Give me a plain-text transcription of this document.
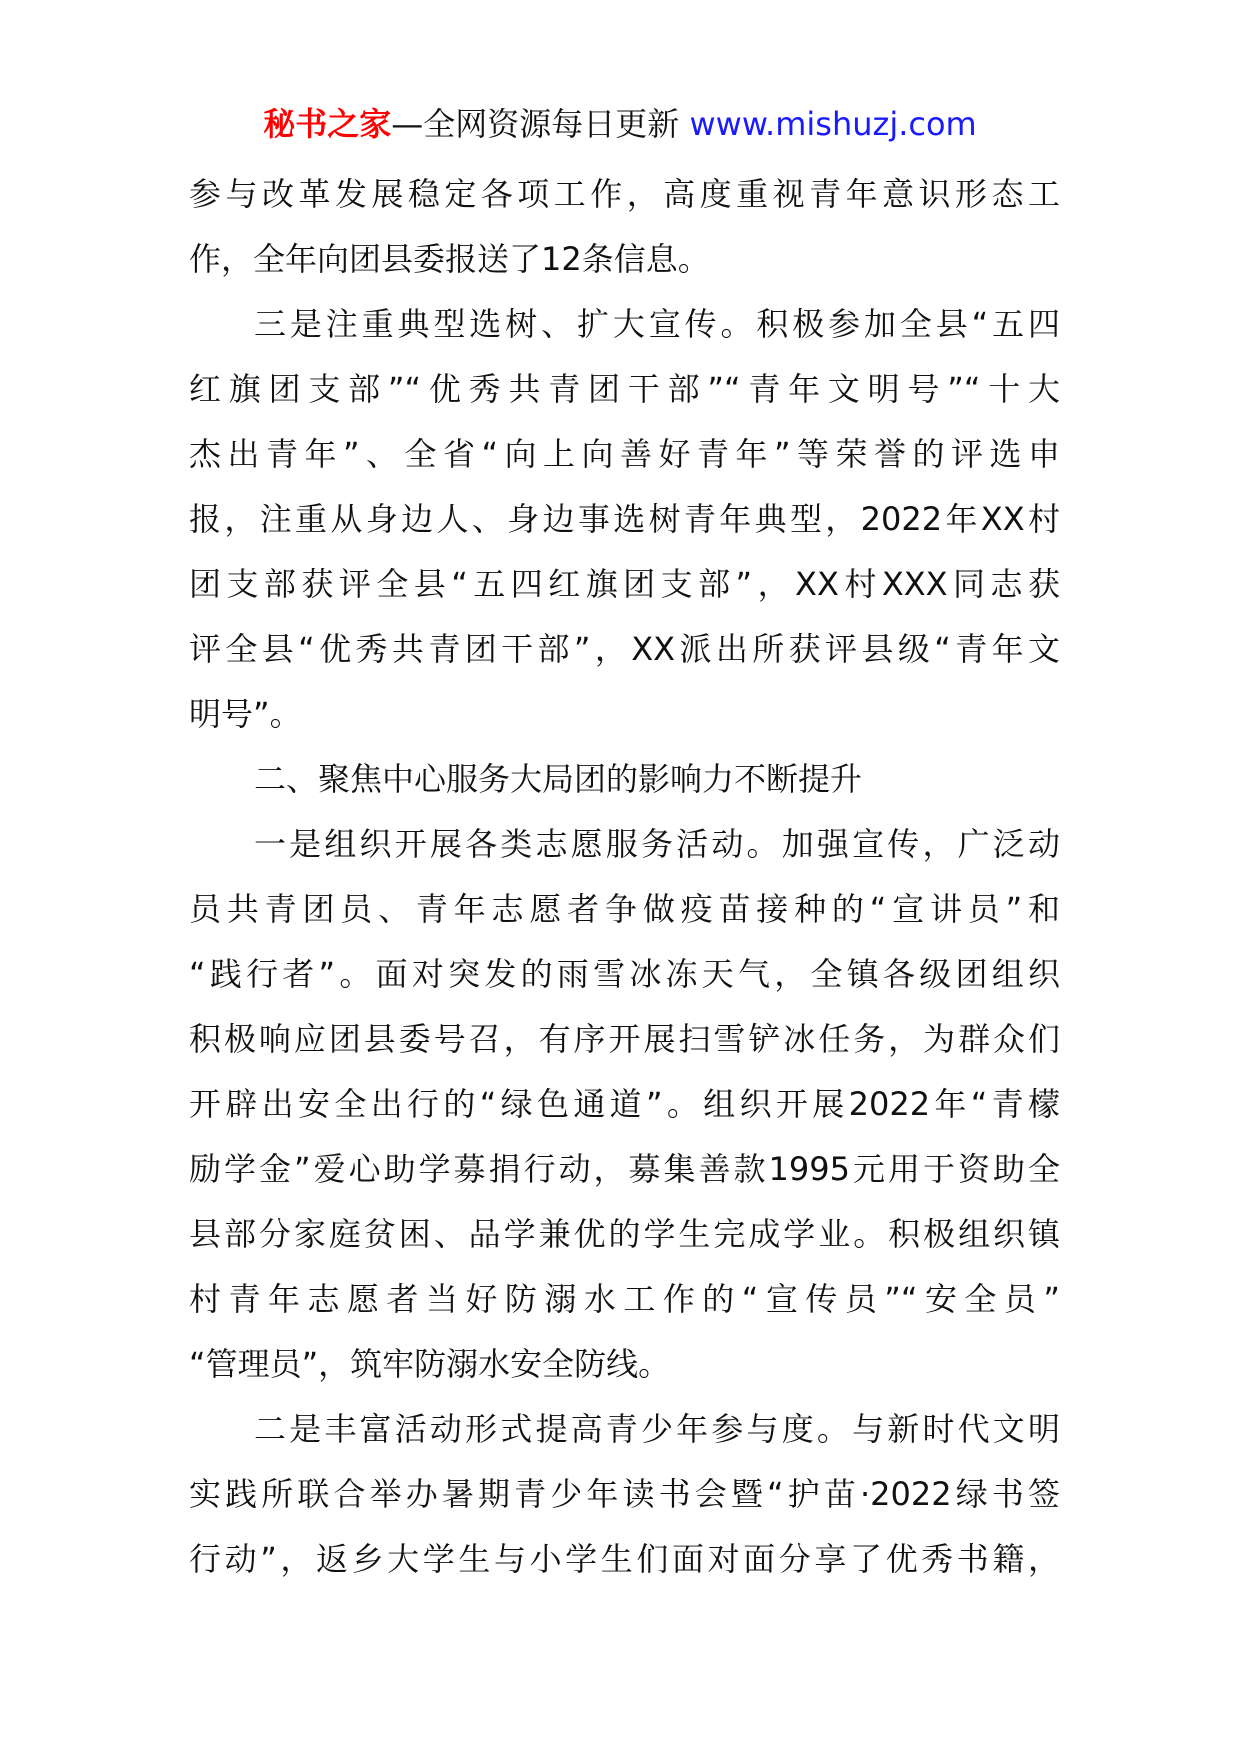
秘书之家—全网资源每日更新 www.mishuzj.com
参与改革发展稳定各项工作，高度重视青年意识形态工
作，全年向团县委报送了12条信息。
三是注重典型选树、扩大宣传。积极参加全县“五四
红旗团支部”“优秀共青团干部”“青年文明号”“十大
杰出青年”、全省“向上向善好青年”等荣誉的评选申
报，注重从身边人、身边事选树青年典型，2022年XX村
团支部获评全县“五四红旗团支部”，XX村XXX同志获
评全县“优秀共青团干部”，XX派出所获评县级“青年文
明号”。
二、聚焦中心服务大局团的影响力不断提升
一是组织开展各类志愿服务活动。加强宣传，广泛动
员共青团员、青年志愿者争做疫苗接种的“宣讲员”和
“践行者”。面对突发的雨雪冰冻天气，全镇各级团组织
积极响应团县委号召，有序开展扫雪铲冰任务，为群众们
开辟出安全出行的“绿色通道”。组织开展2022年“青檬
励学金”爱心助学募捐行动，募集善款1995元用于资助全
县部分家庭贫困、品学兼优的学生完成学业。积极组织镇
村青年志愿者当好防溺水工作的“宣传员”“安全员”
“管理员”，筑牢防溺水安全防线。
二是丰富活动形式提高青少年参与度。与新时代文明
实践所联合举办暑期青少年读书会暨“护苗·2022绿书签
行动”，返乡大学生与小学生们面对面分享了优秀书籍，
